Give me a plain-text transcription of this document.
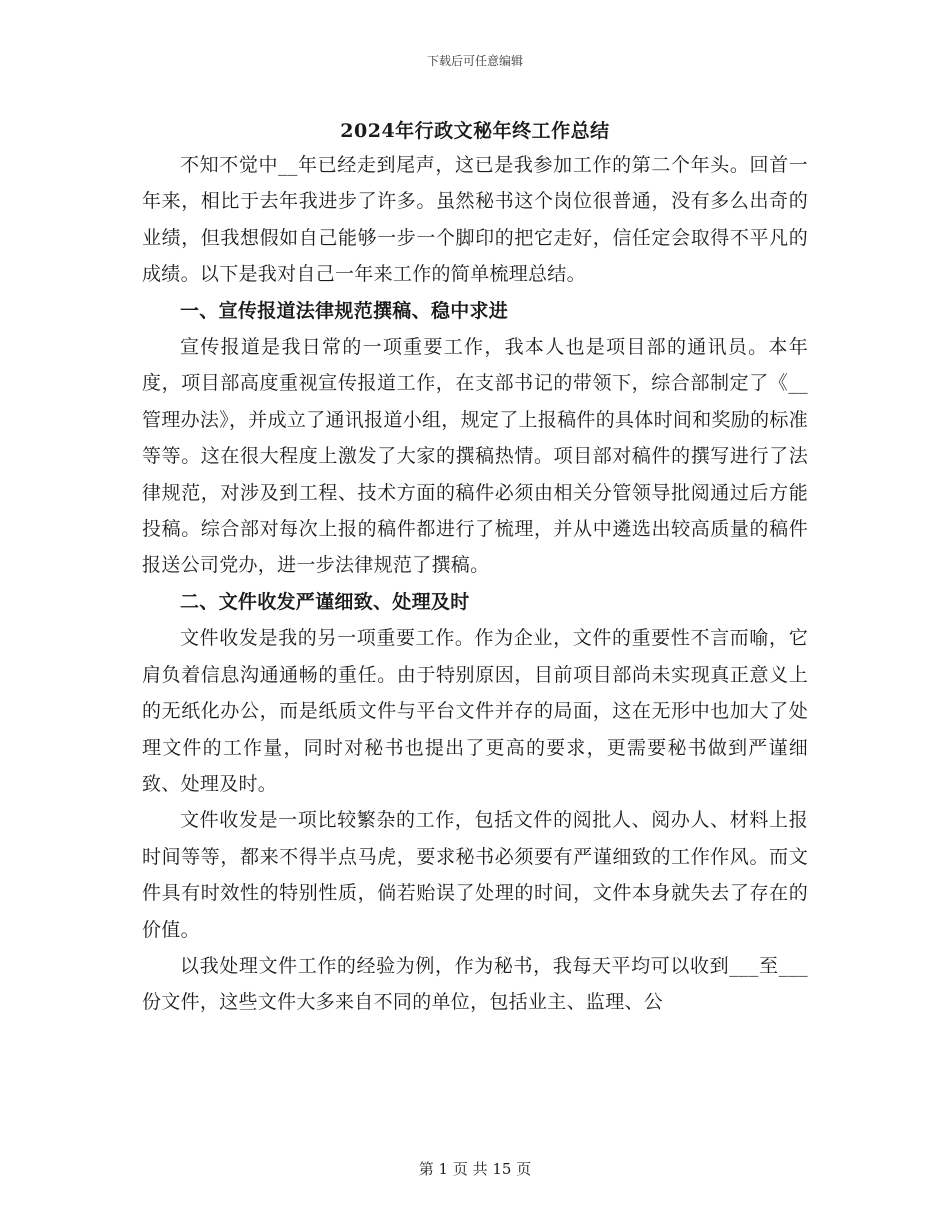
下载后可任意编辑
2024年行政文秘年终工作总结

不知不觉中__年已经走到尾声，这已是我参加工作的第二个年头。回首一年来，相比于去年我进步了许多。虽然秘书这个岗位很普通，没有多么出奇的业绩，但我想假如自己能够一步一个脚印的把它走好，信任定会取得不平凡的成绩。以下是我对自己一年来工作的简单梳理总结。

一、宣传报道法律规范撰稿、稳中求进

宣传报道是我日常的一项重要工作，我本人也是项目部的通讯员。本年度，项目部高度重视宣传报道工作，在支部书记的带领下，综合部制定了《__管理办法》，并成立了通讯报道小组，规定了上报稿件的具体时间和奖励的标准等等。这在很大程度上激发了大家的撰稿热情。项目部对稿件的撰写进行了法律规范，对涉及到工程、技术方面的稿件必须由相关分管领导批阅通过后方能投稿。综合部对每次上报的稿件都进行了梳理，并从中遴选出较高质量的稿件报送公司党办，进一步法律规范了撰稿。

二、文件收发严谨细致、处理及时

文件收发是我的另一项重要工作。作为企业，文件的重要性不言而喻，它肩负着信息沟通通畅的重任。由于特别原因，目前项目部尚未实现真正意义上的无纸化办公，而是纸质文件与平台文件并存的局面，这在无形中也加大了处理文件的工作量，同时对秘书也提出了更高的要求，更需要秘书做到严谨细致、处理及时。

文件收发是一项比较繁杂的工作，包括文件的阅批人、阅办人、材料上报时间等等，都来不得半点马虎，要求秘书必须要有严谨细致的工作作风。而文件具有时效性的特别性质，倘若贻误了处理的时间，文件本身就失去了存在的价值。

以我处理文件工作的经验为例，作为秘书，我每天平均可以收到___至___份文件，这些文件大多来自不同的单位，包括业主、监理、公

第 1 页 共 15 页
